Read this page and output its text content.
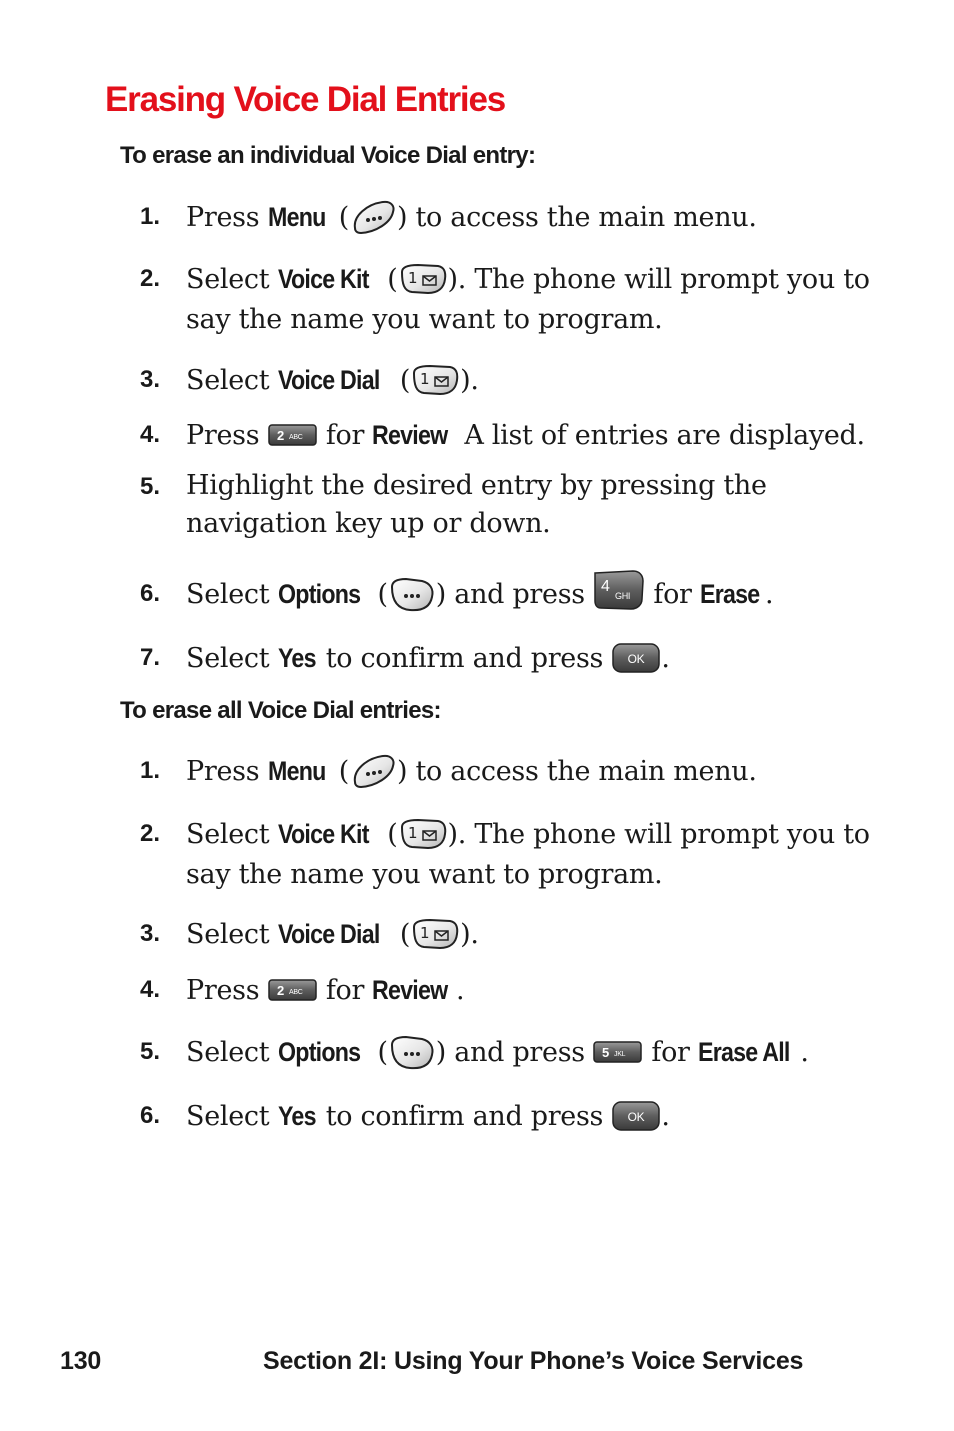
Erasing Voice Dial Entries
To erase an individual Voice Dial entry:
1. Press Menu ( ) to access the main menu.
2. Select Voice Kit ( 1 ). The phone will prompt you to say the name you want to program.
3. Select Voice Dial ( 1 ).
4. Press 2 ABC for Review A list of entries are displayed.
5. Highlight the desired entry by pressing the navigation key up or down.
6. Select Options ( ) and press 4
GHI for Erase .
7. Select Yes to confirm and press OK .
To erase all Voice Dial entries:
1. Press Menu ( ) to access the main menu.
2. Select Voice Kit ( 1 ). The phone will prompt you to say the name you want to program.
3. Select Voice Dial ( 1 ).
4. Press 2 ABC for Review .
5. Select Options ( ) and press 5 JKL for Erase All .
6. Select Yes to confirm and press OK .
130	Section 2I: Using Your Phone’s Voice Services
